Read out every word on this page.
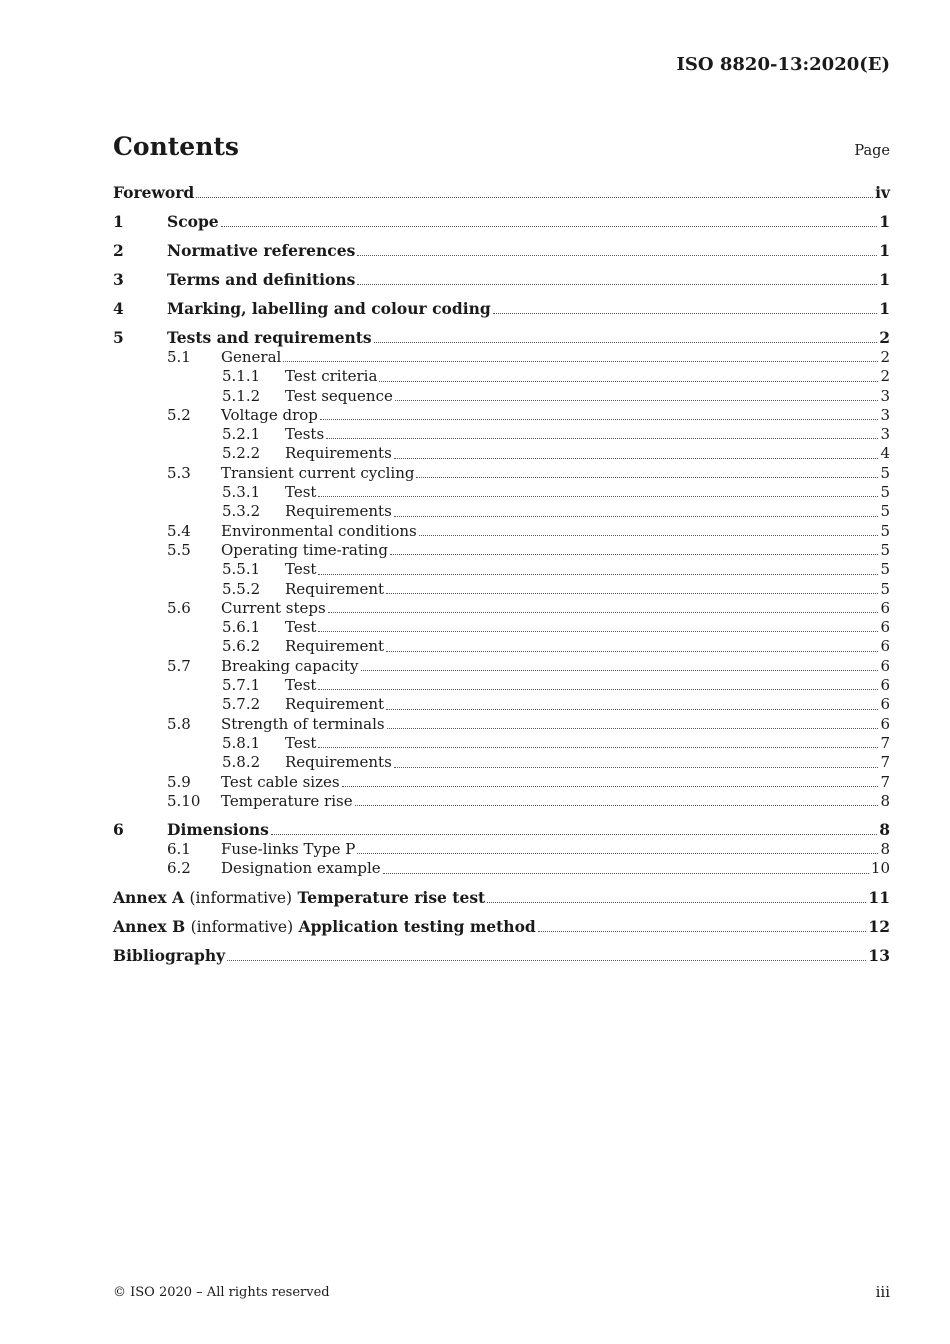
ISO 8820-13:2020(E)
Contents	Page
Foreword	iv
1	Scope	1
2	Normative references	1
3	Terms and definitions	1
4	Marking, labelling and colour coding	1
5	Tests and requirements	2
5.1	General	2
5.1.1	Test criteria	2
5.1.2	Test sequence	3
5.2	Voltage drop	3
5.2.1	Tests	3
5.2.2	Requirements	4
5.3	Transient current cycling	5
5.3.1	Test	5
5.3.2	Requirements	5
5.4	Environmental conditions	5
5.5	Operating time-rating	5
5.5.1	Test	5
5.5.2	Requirement	5
5.6	Current steps	6
5.6.1	Test	6
5.6.2	Requirement	6
5.7	Breaking capacity	6
5.7.1	Test	6
5.7.2	Requirement	6
5.8	Strength of terminals	6
5.8.1	Test	7
5.8.2	Requirements	7
5.9	Test cable sizes	7
5.10	Temperature rise	8
6	Dimensions	8
6.1	Fuse-links Type P	8
6.2	Designation example	10
Annex A (informative) Temperature rise test	11
Annex B (informative) Application testing method	12
Bibliography	13
© ISO 2020 – All rights reserved	iii
